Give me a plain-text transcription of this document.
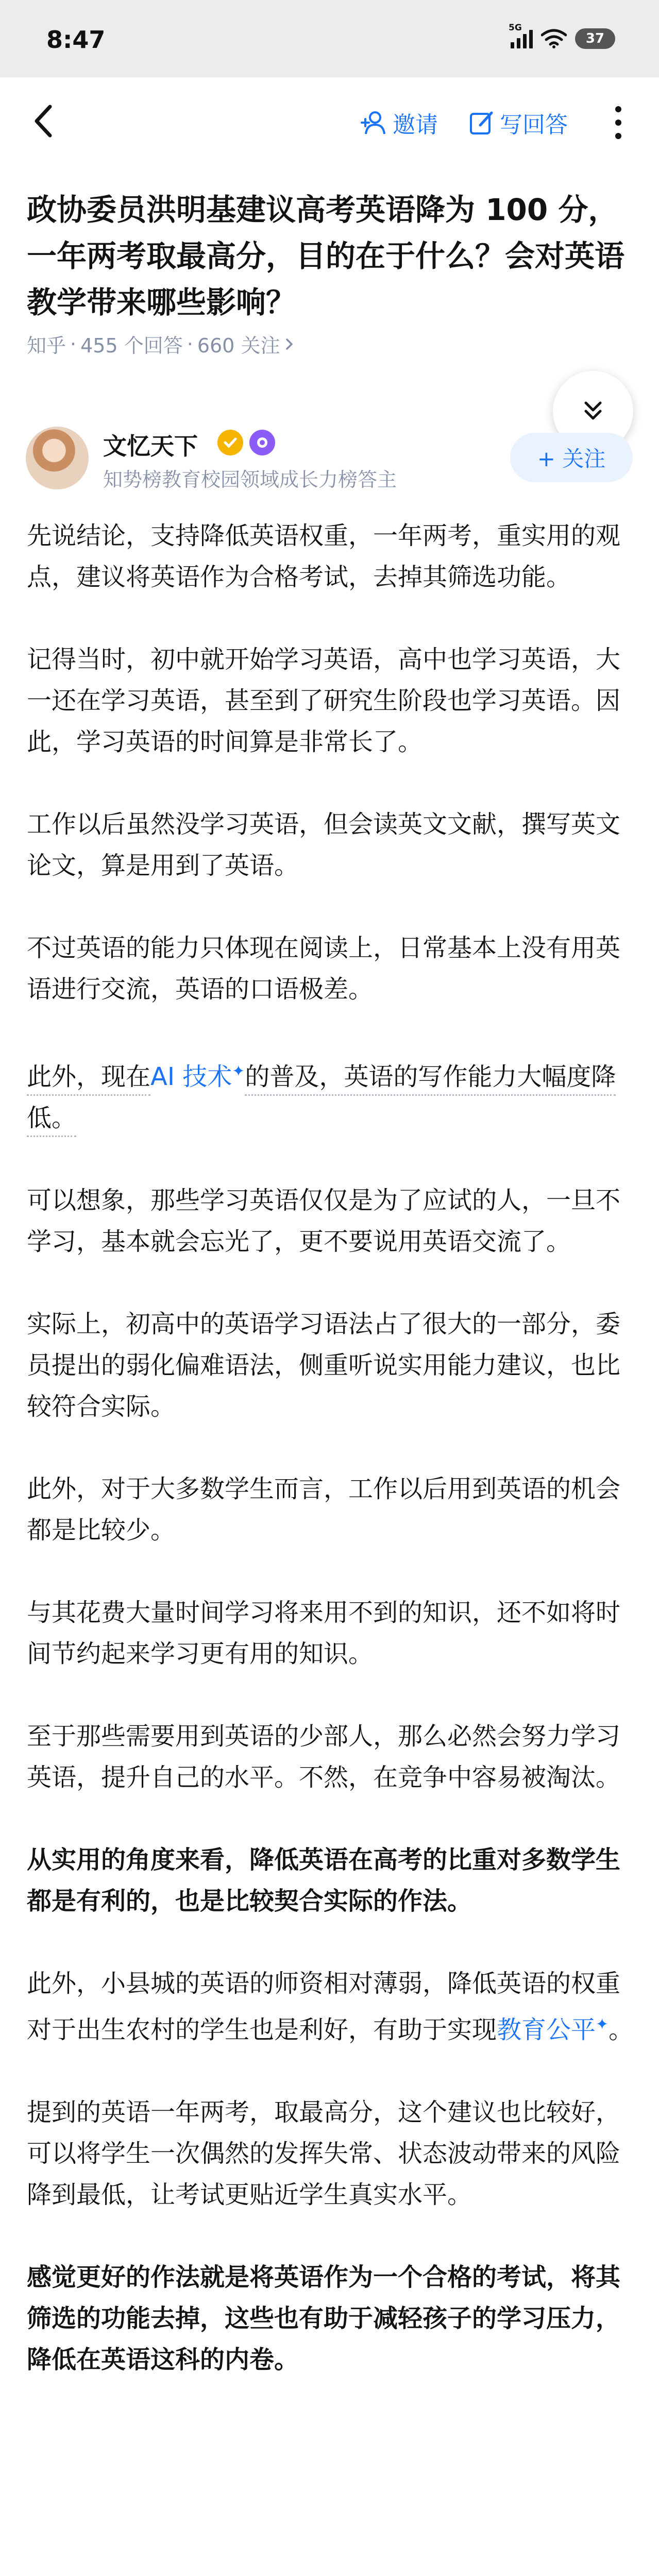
8:47	5G
37
邀请	写回答
政协委员洪明基建议高考英语降为 100 分，一年两考取最高分，目的在于什么？会对英语教学带来哪些影响？
知乎 · 455 个回答 · 660 关注
文忆天下
知势榜教育校园领域成长力榜答主
+ 关注

先说结论，支持降低英语权重，一年两考，重实用的观点，建议将英语作为合格考试，去掉其筛选功能。

记得当时，初中就开始学习英语，高中也学习英语，大一还在学习英语，甚至到了研究生阶段也学习英语。因此，学习英语的时间算是非常长了。

工作以后虽然没学习英语，但会读英文文献，撰写英文论文，算是用到了英语。

不过英语的能力只体现在阅读上，日常基本上没有用英语进行交流，英语的口语极差。

此外，现在AI 技术✦的普及，英语的写作能力大幅度降低。

可以想象，那些学习英语仅仅是为了应试的人，一旦不学习，基本就会忘光了，更不要说用英语交流了。

实际上，初高中的英语学习语法占了很大的一部分，委员提出的弱化偏难语法，侧重听说实用能力建议，也比较符合实际。

此外，对于大多数学生而言，工作以后用到英语的机会都是比较少。

与其花费大量时间学习将来用不到的知识，还不如将时间节约起来学习更有用的知识。

至于那些需要用到英语的少部人，那么必然会努力学习英语，提升自己的水平。不然，在竞争中容易被淘汰。

从实用的角度来看，降低英语在高考的比重对多数学生都是有利的，也是比较契合实际的作法。

此外，小县城的英语的师资相对薄弱，降低英语的权重对于出生农村的学生也是利好，有助于实现教育公平✦。

提到的英语一年两考，取最高分，这个建议也比较好，可以将学生一次偶然的发挥失常、状态波动带来的风险降到最低，让考试更贴近学生真实水平。

感觉更好的作法就是将英语作为一个合格的考试，将其筛选的功能去掉，这些也有助于减轻孩子的学习压力，降低在英语这科的内卷。
